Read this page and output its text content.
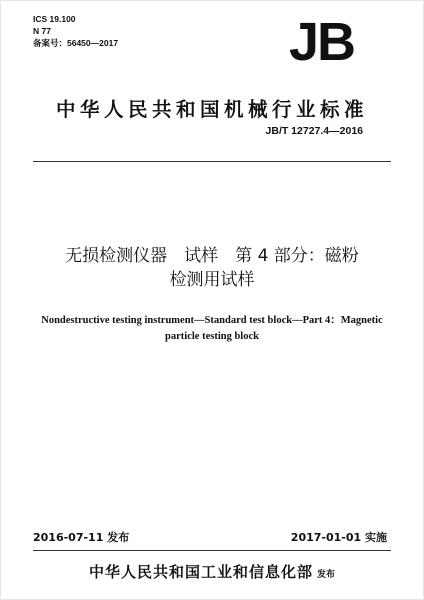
ICS 19.100
N 77
备案号：56450—2017	JB
中华人民共和国机械行业标准
JB/T 12727.4—2016
无损检测仪器　试样　第 4 部分：磁粉
检测用试样
Nondestructive testing instrument—Standard test block—Part 4：Magnetic
particle testing block
2016-07-11 发布	2017-01-01 实施
中华人民共和国工业和信息化部 发布
